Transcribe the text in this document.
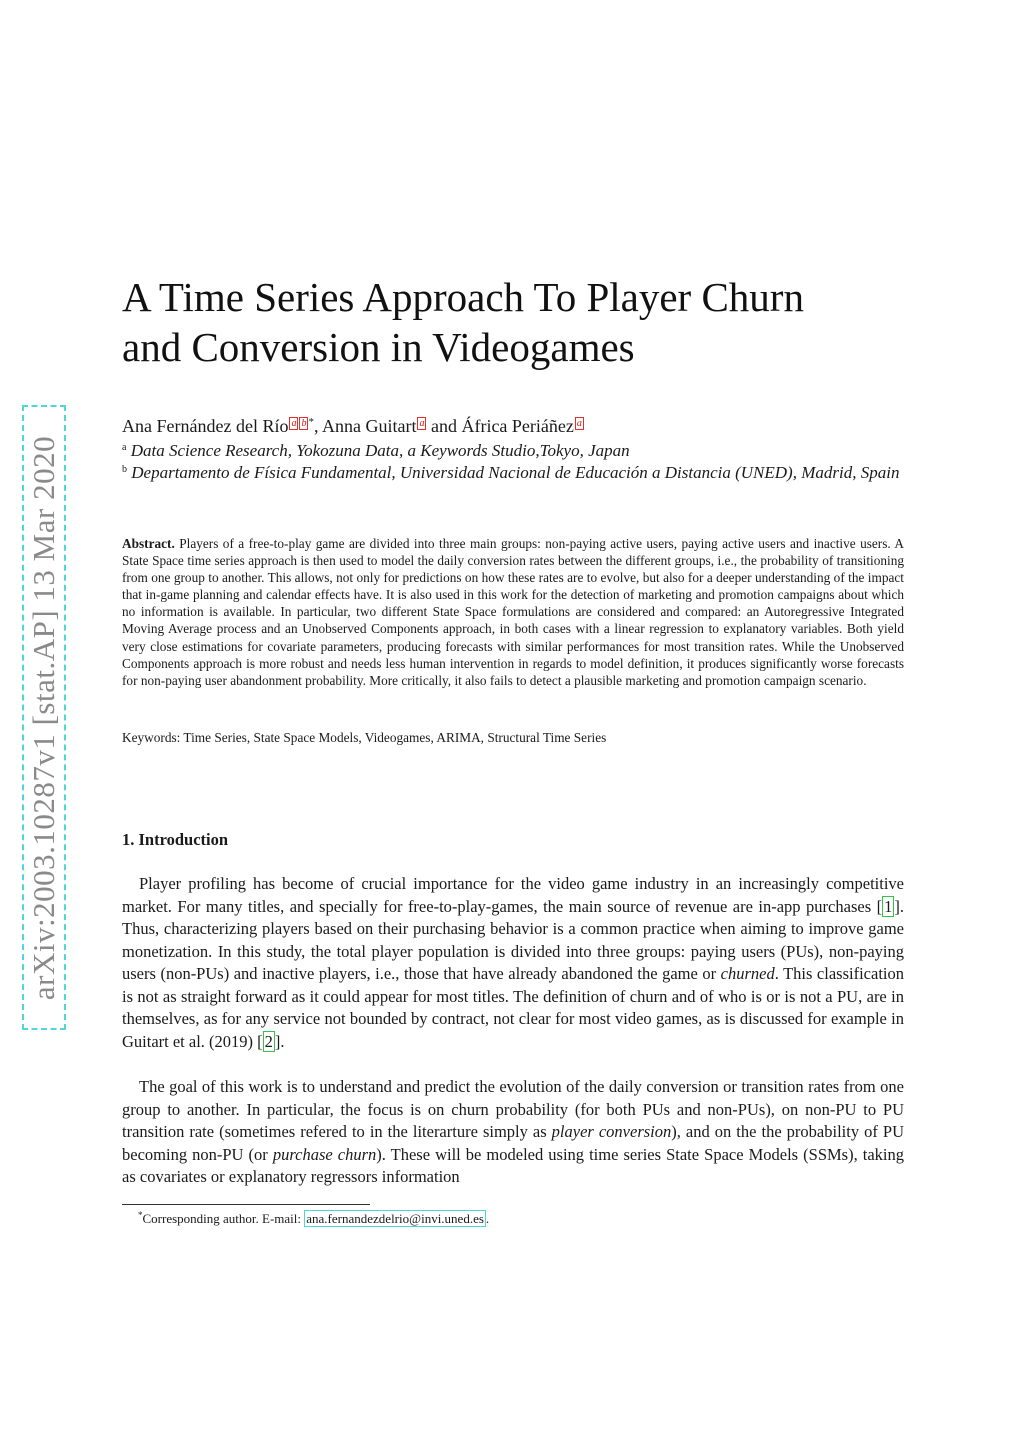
arXiv:2003.10287v1 [stat.AP] 13 Mar 2020
A Time Series Approach To Player Churn
and Conversion in Videogames
Ana Fernández del Río a b *, Anna Guitart a and África Periáñez a
$^a$ Data Science Research, Yokozuna Data, a Keywords Studio,Tokyo, Japan
$^b$ Departamento de Física Fundamental, Universidad Nacional de Educación a Distancia (UNED), Madrid, Spain

Abstract. Players of a free-to-play game are divided into three main groups: non-paying active users, paying active users and inactive users. A State Space time series approach is then used to model the daily conversion rates between the different groups, i.e., the probability of transitioning from one group to another. This allows, not only for predictions on how these rates are to evolve, but also for a deeper understanding of the impact that in-game planning and calendar effects have. It is also used in this work for the detection of marketing and promotion campaigns about which no information is available. In particular, two different State Space formulations are considered and compared: an Autoregressive Integrated Moving Average process and an Unobserved Components approach, in both cases with a linear regression to explanatory variables. Both yield very close estimations for covariate parameters, producing forecasts with similar performances for most transition rates. While the Unobserved Components approach is more robust and needs less human intervention in regards to model definition, it produces significantly worse forecasts for non-paying user abandonment probability. More critically, it also fails to detect a plausible marketing and promotion campaign scenario.

Keywords: Time Series, State Space Models, Videogames, ARIMA, Structural Time Series
1. Introduction

Player profiling has become of crucial importance for the video game industry in an increasingly competitive market. For many titles, and specially for free-to-play-games, the main source of revenue are in-app purchases [ 1 ]. Thus, characterizing players based on their purchasing behavior is a common practice when aiming to improve game monetization. In this study, the total player population is divided into three groups: paying users (PUs), non-paying users (non-PUs) and inactive players, i.e., those that have already abandoned the game or churned. This classification is not as straight forward as it could appear for most titles. The definition of churn and of who is or is not a PU, are in themselves, as for any service not bounded by contract, not clear for most video games, as is discussed for example in Guitart et al. (2019) [ 2 ].

The goal of this work is to understand and predict the evolution of the daily conversion or transition rates from one group to another. In particular, the focus is on churn probability (for both PUs and non-PUs), on non-PU to PU transition rate (sometimes refered to in the literarture simply as player conversion), and on the the probability of PU becoming non-PU (or purchase churn). These will be modeled using time series State Space Models (SSMs), taking as covariates or explanatory regressors information

*Corresponding author. E-mail: ana.fernandezdelrio@invi.uned.es .
